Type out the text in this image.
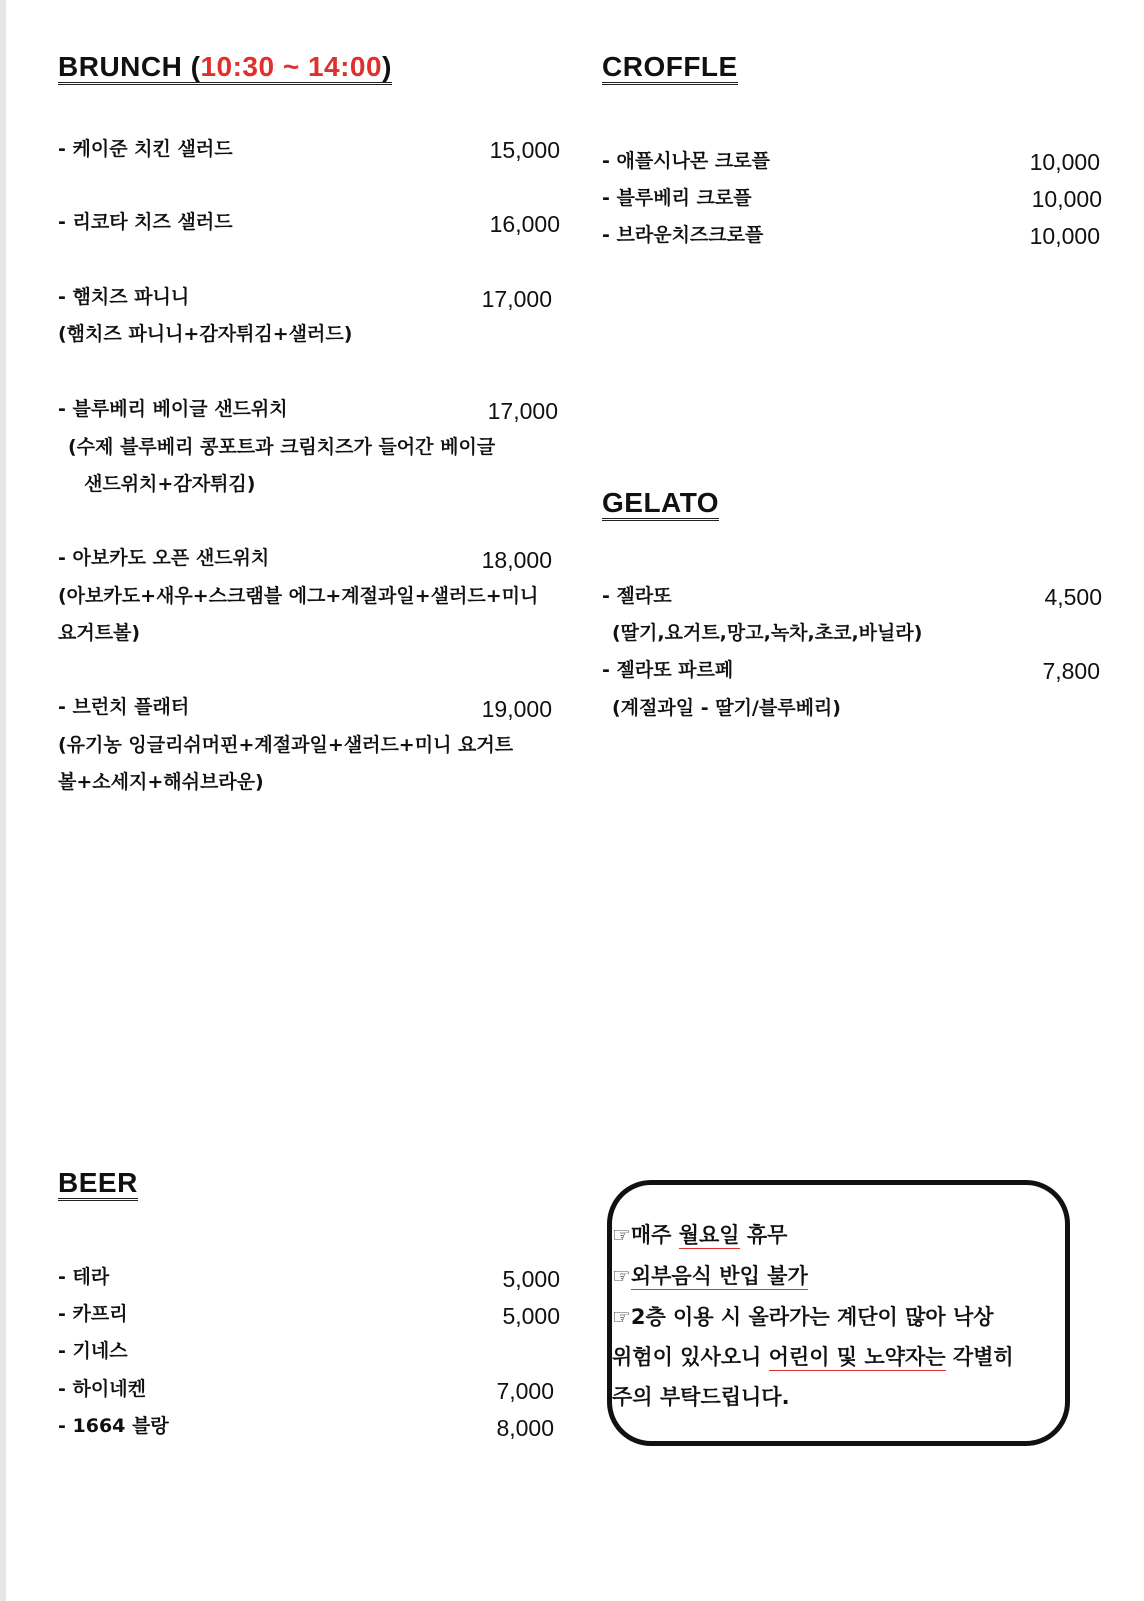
BRUNCH (10:30 ~ 14:00)
- 케이준 치킨 샐러드	15,000
- 리코타 치즈 샐러드	16,000
- 햄치즈 파니니	17,000
(햄치즈 파니니+감자튀김+샐러드)
- 블루베리 베이글 샌드위치	17,000
(수제 블루베리 콩포트과 크림치즈가 들어간 베이글
샌드위치+감자튀김)
- 아보카도 오픈 샌드위치	18,000
(아보카도+새우+스크램블 에그+계절과일+샐러드+미니
요거트볼)
- 브런치 플래터	19,000
(유기농 잉글리쉬머핀+계절과일+샐러드+미니 요거트
볼+소세지+해쉬브라운)
CROFFLE
- 애플시나몬 크로플	10,000
- 블루베리 크로플	10,000
- 브라운치즈크로플	10,000
GELATO
- 젤라또	4,500
(딸기,요거트,망고,녹차,초코,바닐라)
- 젤라또 파르페	7,800
(계절과일 - 딸기/블루베리)
BEER
- 테라	5,000
- 카프리	5,000
- 기네스
- 하이네켄	7,000
- 1664 블랑	8,000
☞매주 월요일 휴무
☞외부음식 반입 불가
☞2층 이용 시 올라가는 계단이 많아 낙상
위험이 있사오니 어린이 및 노약자는 각별히
주의 부탁드립니다.
